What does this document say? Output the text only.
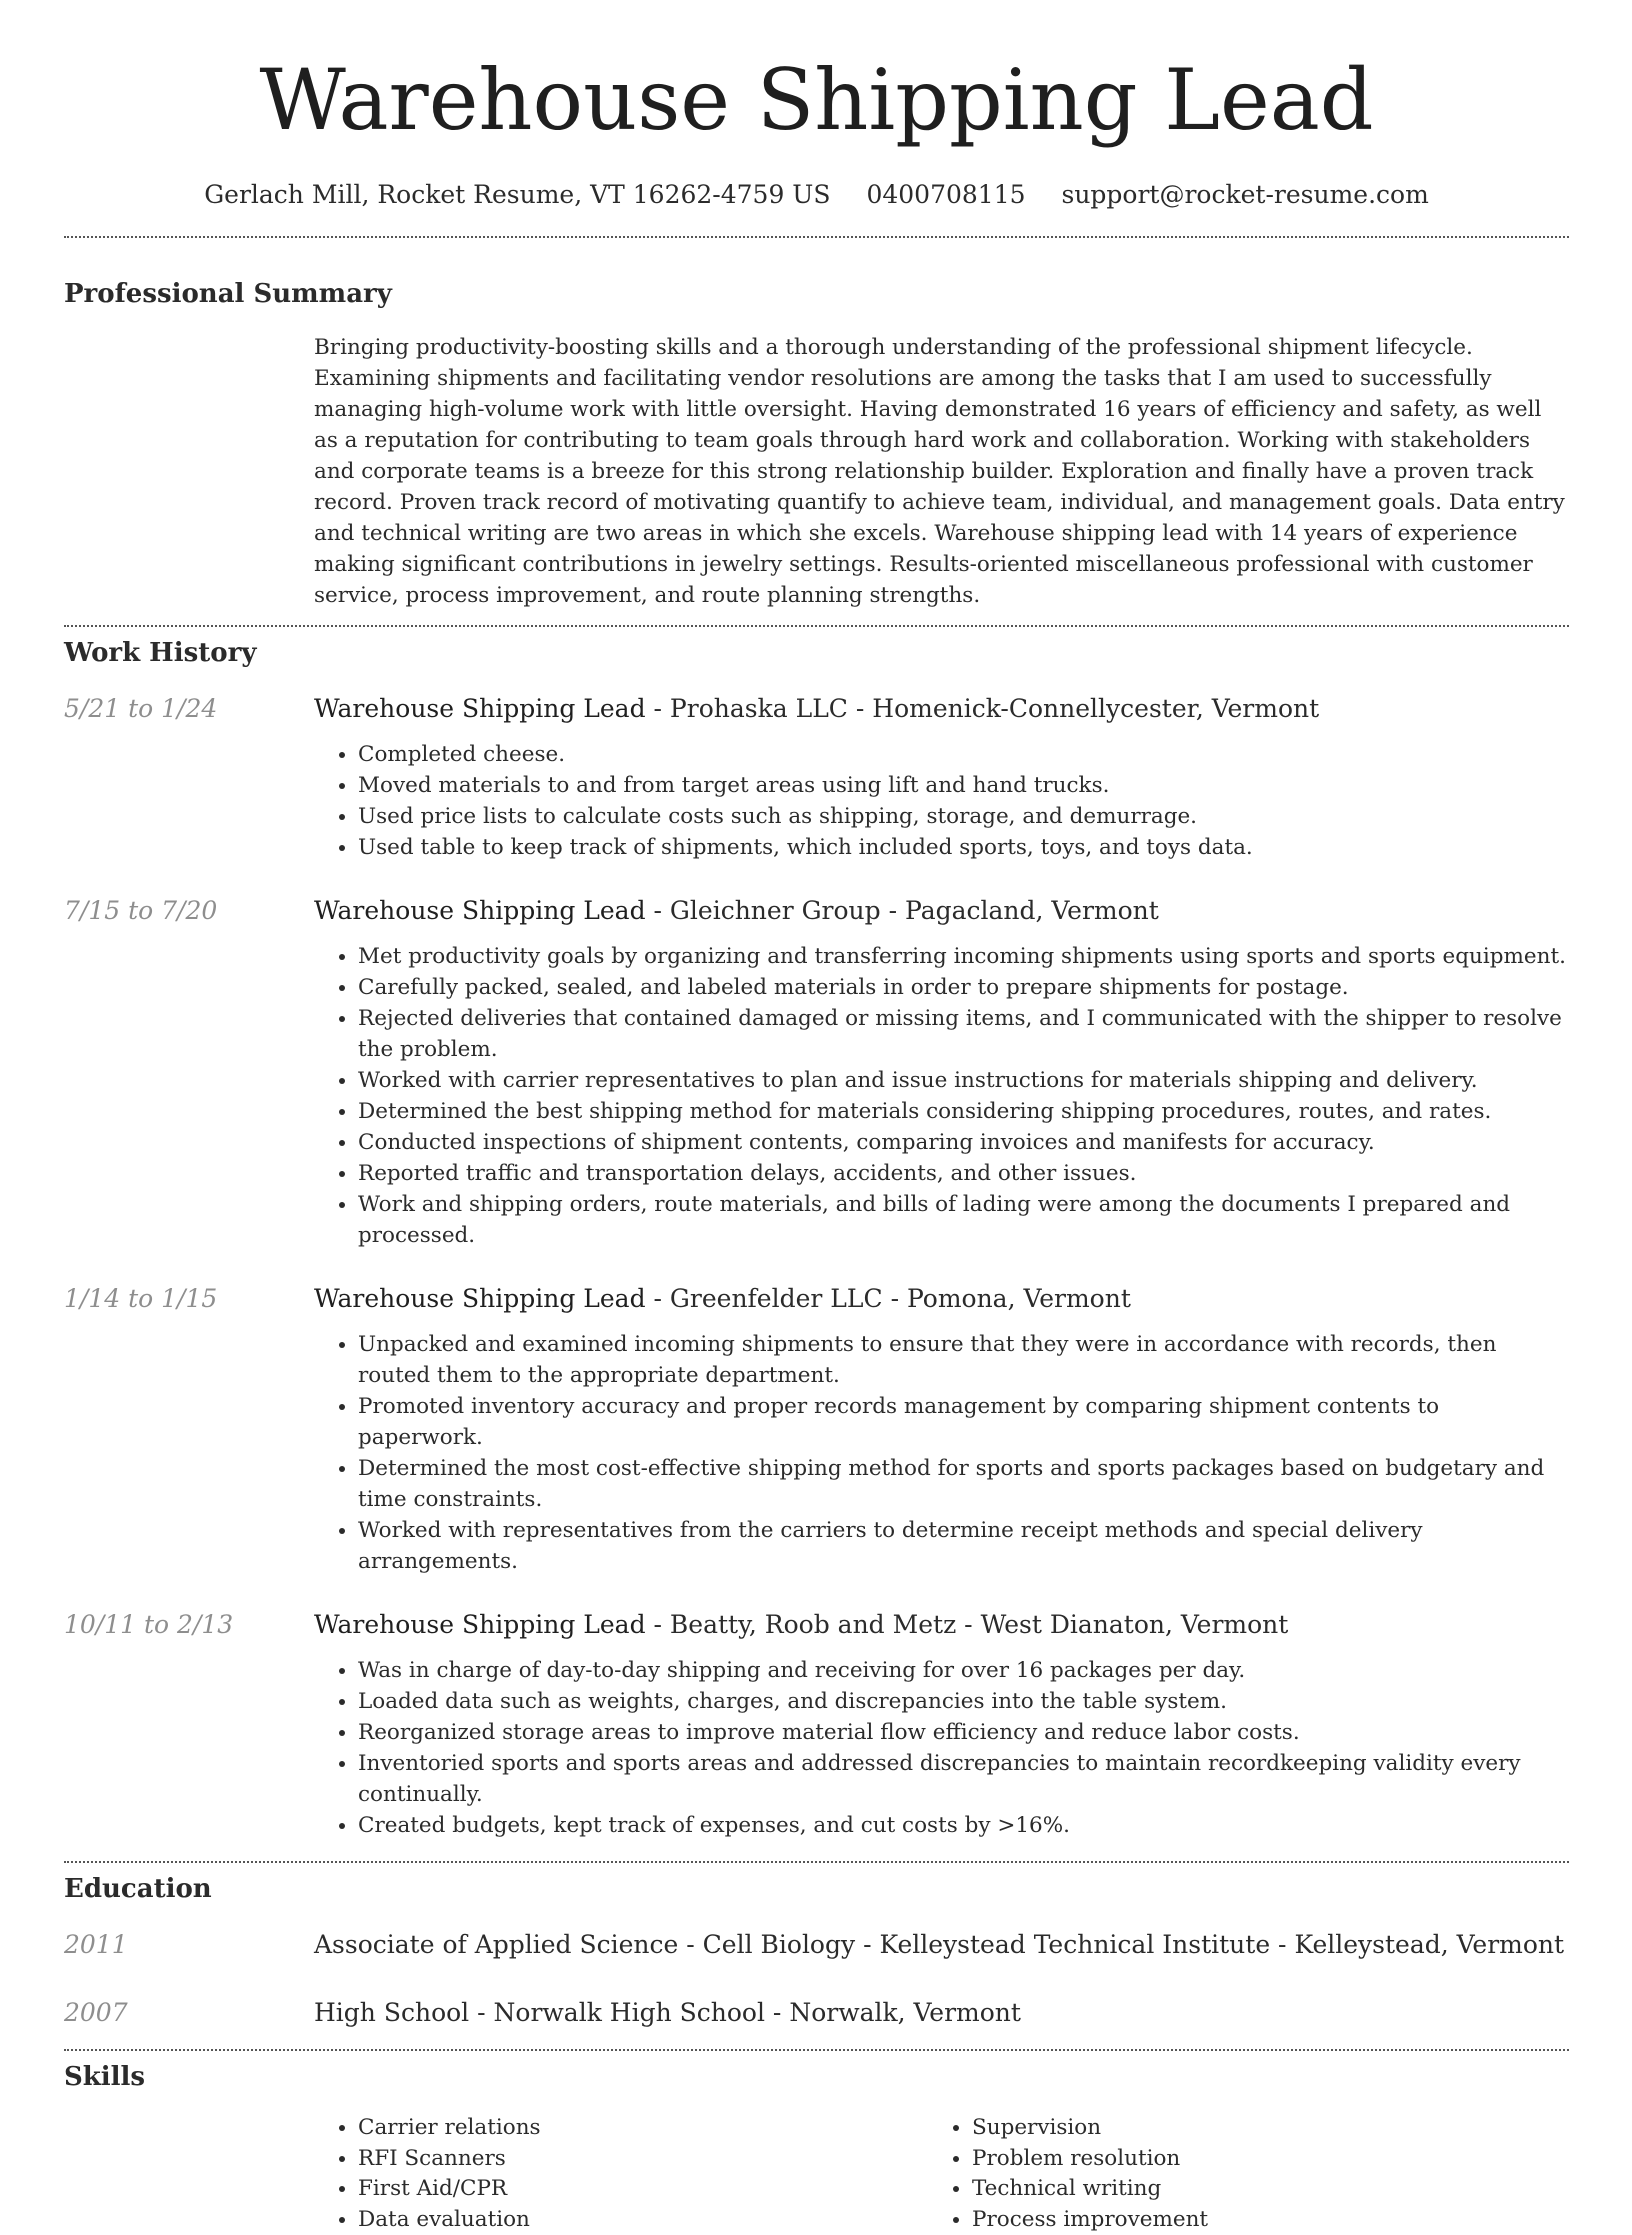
Warehouse Shipping Lead
Gerlach Mill, Rocket Resume, VT 16262-4759 US 0400708115 support@rocket-resume.com
Professional Summary

Bringing productivity-boosting skills and a thorough understanding of the professional shipment lifecycle. Examining shipments and facilitating vendor resolutions are among the tasks that I am used to successfully managing high-volume work with little oversight. Having demonstrated 16 years of efficiency and safety, as well as a reputation for contributing to team goals through hard work and collaboration. Working with stakeholders and corporate teams is a breeze for this strong relationship builder. Exploration and finally have a proven track record. Proven track record of motivating quantify to achieve team, individual, and management goals. Data entry and technical writing are two areas in which she excels. Warehouse shipping lead with 14 years of experience making significant contributions in jewelry settings. Results-oriented miscellaneous professional with customer service, process improvement, and route planning strengths.

Work History
5/21 to 1/24	Warehouse Shipping Lead - Prohaska LLC - Homenick-Connellycester, Vermont
• Completed cheese.
• Moved materials to and from target areas using lift and hand trucks.
• Used price lists to calculate costs such as shipping, storage, and demurrage.
• Used table to keep track of shipments, which included sports, toys, and toys data.
7/15 to 7/20	Warehouse Shipping Lead - Gleichner Group - Pagacland, Vermont
• Met productivity goals by organizing and transferring incoming shipments using sports and sports equipment.
• Carefully packed, sealed, and labeled materials in order to prepare shipments for postage.
• Rejected deliveries that contained damaged or missing items, and I communicated with the shipper to resolve the problem.
• Worked with carrier representatives to plan and issue instructions for materials shipping and delivery.
• Determined the best shipping method for materials considering shipping procedures, routes, and rates.
• Conducted inspections of shipment contents, comparing invoices and manifests for accuracy.
• Reported traffic and transportation delays, accidents, and other issues.
• Work and shipping orders, route materials, and bills of lading were among the documents I prepared and processed.
1/14 to 1/15	Warehouse Shipping Lead - Greenfelder LLC - Pomona, Vermont
• Unpacked and examined incoming shipments to ensure that they were in accordance with records, then routed them to the appropriate department.
• Promoted inventory accuracy and proper records management by comparing shipment contents to paperwork.
• Determined the most cost-effective shipping method for sports and sports packages based on budgetary and time constraints.
• Worked with representatives from the carriers to determine receipt methods and special delivery arrangements.
10/11 to 2/13	Warehouse Shipping Lead - Beatty, Roob and Metz - West Dianaton, Vermont
• Was in charge of day-to-day shipping and receiving for over 16 packages per day.
• Loaded data such as weights, charges, and discrepancies into the table system.
• Reorganized storage areas to improve material flow efficiency and reduce labor costs.
• Inventoried sports and sports areas and addressed discrepancies to maintain recordkeeping validity every continually.
• Created budgets, kept track of expenses, and cut costs by >16%.
Education
2011	Associate of Applied Science - Cell Biology - Kelleystead Technical Institute - Kelleystead, Vermont
2007	High School - Norwalk High School - Norwalk, Vermont
Skills
• Carrier relations
• RFI Scanners
• First Aid/CPR
• Data evaluation
• Supervision
• Problem resolution
• Technical writing
• Process improvement
